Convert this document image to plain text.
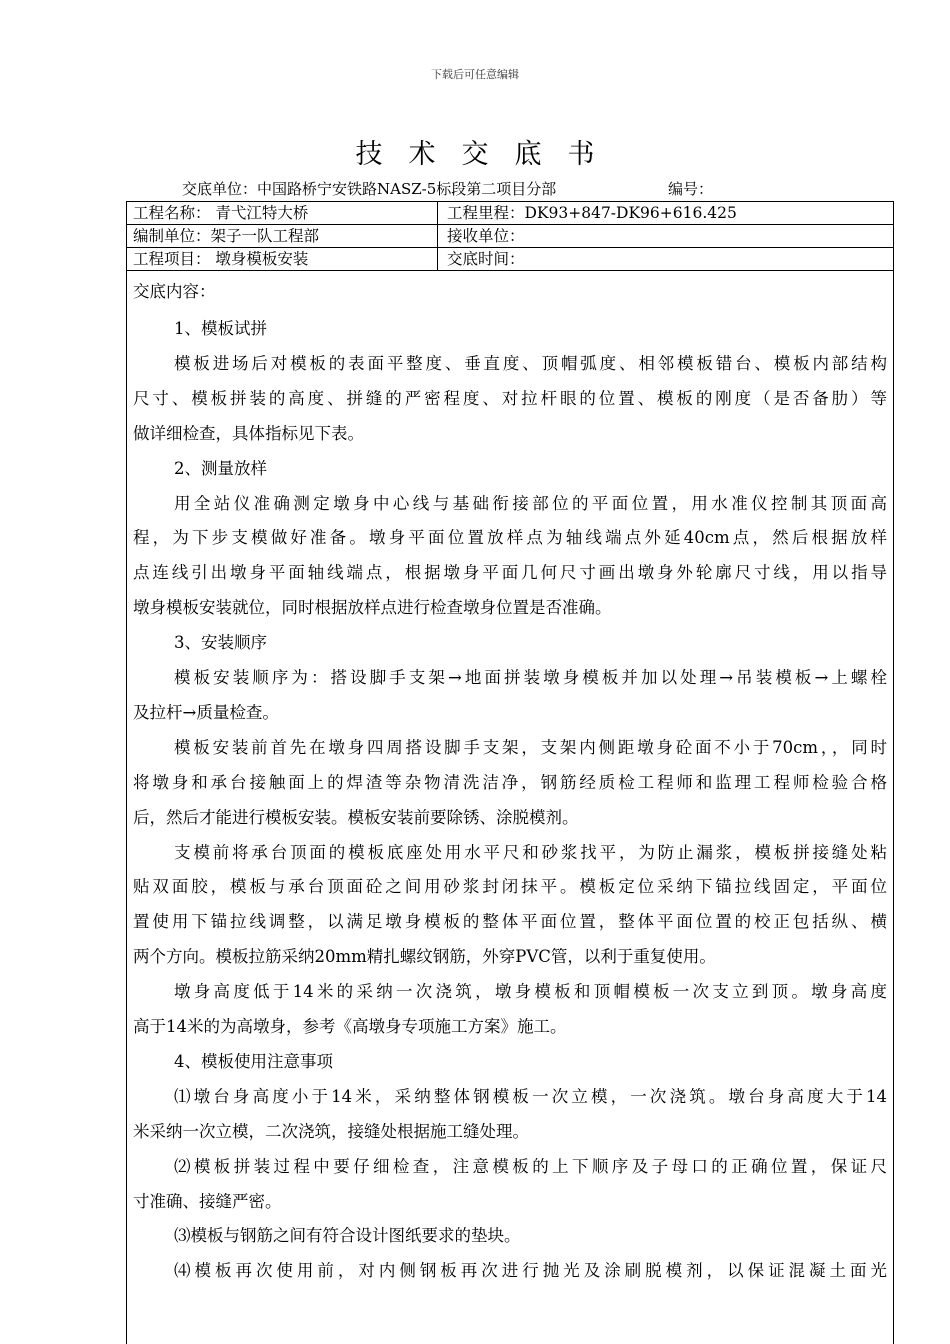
下载后可任意编辑
技术交底书
交底单位：中国路桥宁安铁路NASZ-5标段第二项目分部	编号：
工程名称： 青弋江特大桥	工程里程：DK93+847-DK96+616.425
编制单位：架子一队工程部	接收单位：
工程项目： 墩身模板安装	交底时间：
交底内容：
1、模板试拼
模板进场后对模板的表面平整度、垂直度、顶帽弧度、相邻模板错台、模板内部结构
尺寸、模板拼装的高度、拼缝的严密程度、对拉杆眼的位置、模板的刚度（是否备肋）等
做详细检查，具体指标见下表。
2、测量放样
用全站仪准确测定墩身中心线与基础衔接部位的平面位置，用水准仪控制其顶面高
程，为下步支模做好准备。墩身平面位置放样点为轴线端点外延40cm点，然后根据放样
点连线引出墩身平面轴线端点，根据墩身平面几何尺寸画出墩身外轮廓尺寸线，用以指导
墩身模板安装就位，同时根据放样点进行检查墩身位置是否准确。
3、安装顺序
模板安装顺序为：搭设脚手支架→地面拼装墩身模板并加以处理→吊装模板→上螺栓
及拉杆→质量检查。
模板安装前首先在墩身四周搭设脚手支架，支架内侧距墩身砼面不小于70cm，，同时
将墩身和承台接触面上的焊渣等杂物清洗洁净，钢筋经质检工程师和监理工程师检验合格
后，然后才能进行模板安装。模板安装前要除锈、涂脱模剂。
支模前将承台顶面的模板底座处用水平尺和砂浆找平，为防止漏浆，模板拼接缝处粘
贴双面胶，模板与承台顶面砼之间用砂浆封闭抹平。模板定位采纳下锚拉线固定，平面位
置使用下锚拉线调整，以满足墩身模板的整体平面位置，整体平面位置的校正包括纵、横
两个方向。模板拉筋采纳20mm精扎螺纹钢筋，外穿PVC管，以利于重复使用。
墩身高度低于14米的采纳一次浇筑，墩身模板和顶帽模板一次支立到顶。墩身高度
高于14米的为高墩身，参考《高墩身专项施工方案》施工。
4、模板使用注意事项
⑴墩台身高度小于14米，采纳整体钢模板一次立模，一次浇筑。墩台身高度大于14
米采纳一次立模，二次浇筑，接缝处根据施工缝处理。
⑵模板拼装过程中要仔细检查，注意模板的上下顺序及子母口的正确位置，保证尺
寸准确、接缝严密。
⑶模板与钢筋之间有符合设计图纸要求的垫块。
⑷模板再次使用前，对内侧钢板再次进行抛光及涂刷脱模剂，以保证混凝土面光
